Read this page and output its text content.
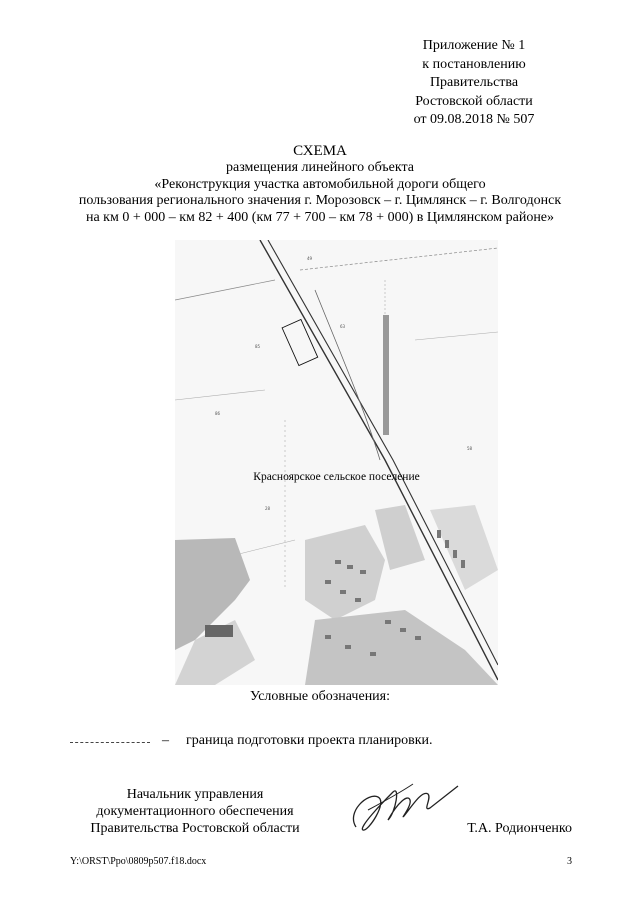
Приложение № 1
к постановлению
Правительства
Ростовской области
от 09.08.2018 № 507
СХЕМА
размещения линейного объекта
«Реконструкция участка автомобильной дороги общего
пользования регионального значения г. Морозовск – г. Цимлянск – г. Волгодонск
на км 0 + 000 – км 82 + 400 (км 77 + 700 – км 78 + 000) в Цимлянском районе»
85
86
63
58
28
49
Красноярское сельское поселение
Условные обозначения:
– граница подготовки проекта планировки.
Начальник управления
документационного обеспечения
Правительства Ростовской области	Т.А. Родионченко
Y:\ORST\Ppo\0809p507.f18.docx	3
